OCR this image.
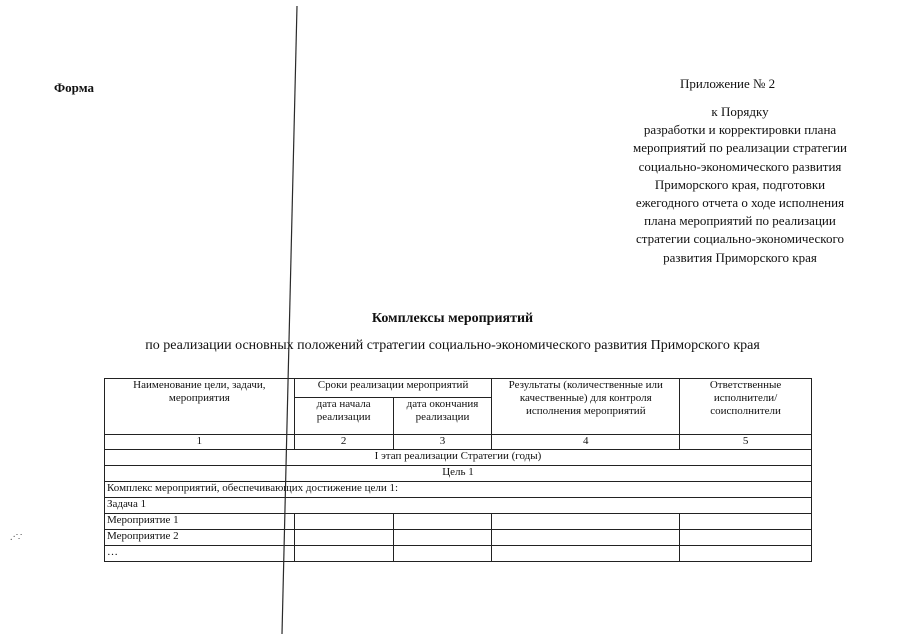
Форма	Приложение № 2
к Порядку
разработки и корректировки плана
мероприятий по реализации стратегии
социально-экономического развития
Приморского края, подготовки
ежегодного отчета о ходе исполнения
плана мероприятий по реализации
стратегии социально-экономического
развития Приморского края
Комплексы мероприятий
по реализации основных положений стратегии социально-экономического развития Приморского края
Наименование цели, задачи, мероприятия	Сроки реализации мероприятий		Результаты (количественные или качественные) для контроля исполнения мероприятий	Ответственные исполнители/ соисполнители
	дата начала реализации	дата окончания реализации		
1	2	3	4	5
I этап реализации Стратегии (годы)				
Цель 1				
Комплекс мероприятий, обеспечивающих достижение цели 1:				
Задача 1				
Мероприятие 1				
Мероприятие 2				
…				
.·∵
